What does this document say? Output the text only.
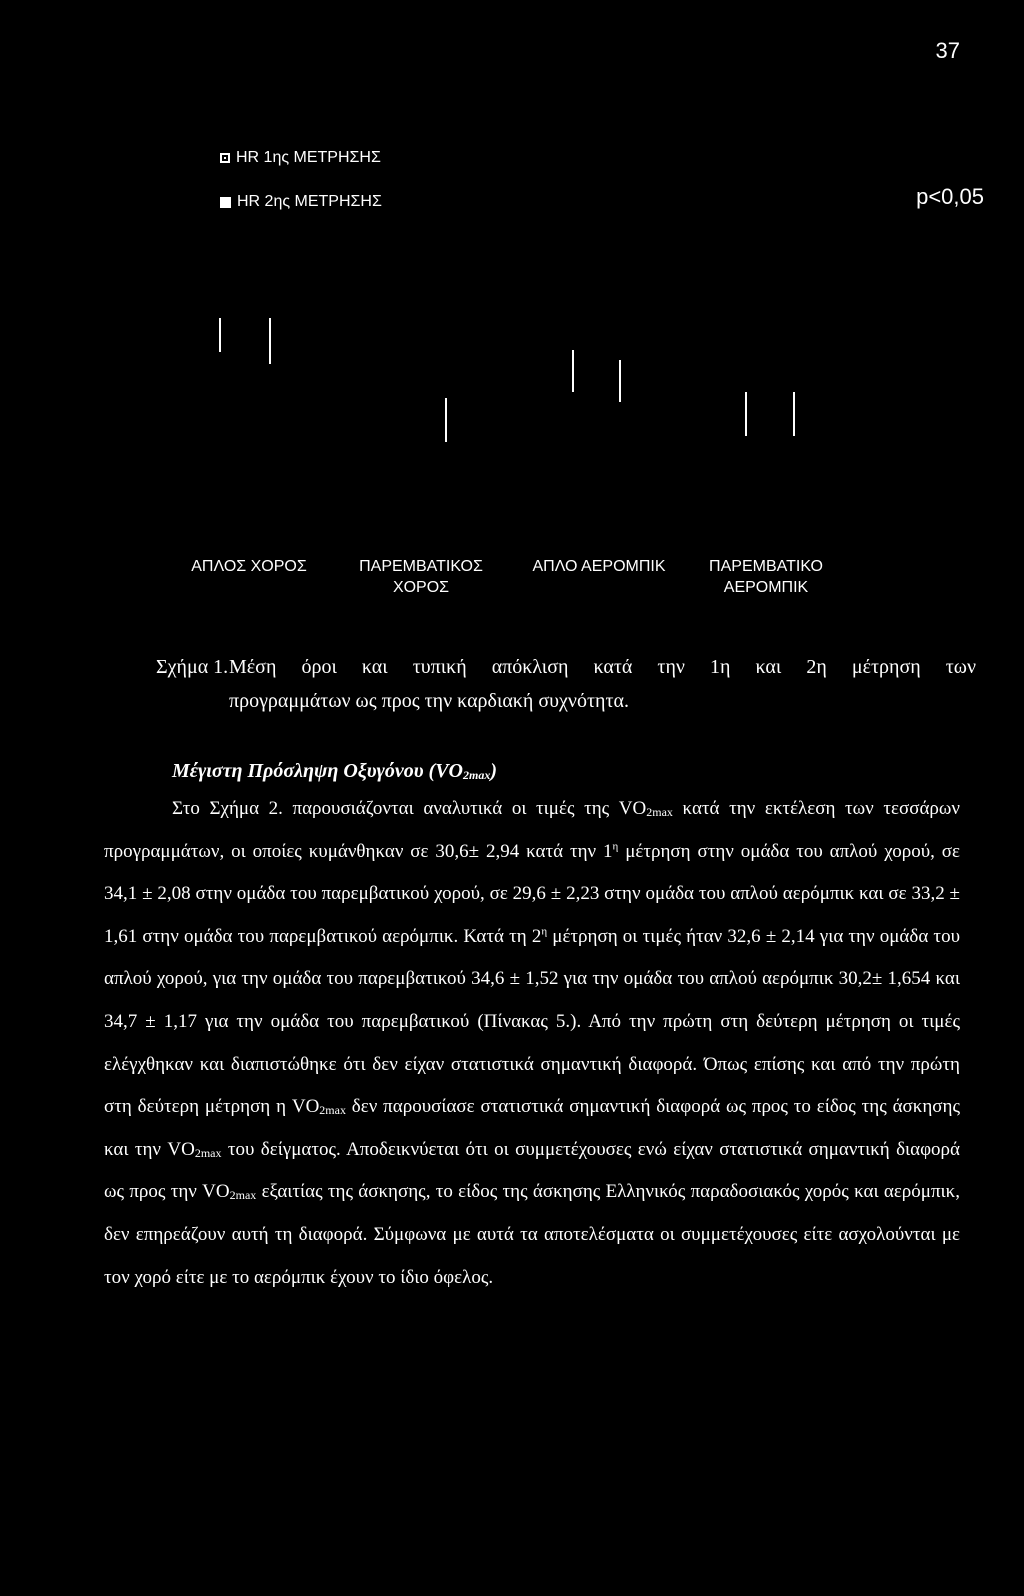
37
HR 1ης ΜΕΤΡΗΣΗΣ
HR 2ης ΜΕΤΡΗΣΗΣ	p<0,05
ΑΠΛΟΣ ΧΟΡΟΣ	ΠΑΡΕΜΒΑΤΙΚΟΣ
ΧΟΡΟΣ
ΑΠΛΟ ΑΕΡΟΜΠΙΚ	ΠΑΡΕΜΒΑΤΙΚΟ
ΑΕΡΟΜΠΙΚ
Σχήμα 1. Μέση όροι και τυπική απόκλιση κατά την 1η και 2η μέτρηση των
προγραμμάτων ως προς την καρδιακή συχνότητα.
Μέγιστη Πρόσληψη Οξυγόνου $(VO_{2max})$

Στο Σχήμα 2. παρουσιάζονται αναλυτικά οι τιμές της $VO_{2max}$ κατά την εκτέλεση των τεσσάρων προγραμμάτων, οι οποίες κυμάνθηκαν σε 30,6± 2,94 κατά την $1^\eta$ μέτρηση στην ομάδα του απλού χορού, σε 34,1 ± 2,08 στην ομάδα του παρεμβατικού χορού, σε 29,6 ± 2,23 στην ομάδα του απλού αερόμπικ και σε 33,2 ± 1,61 στην ομάδα του παρεμβατικού αερόμπικ. Κατά τη $2^\eta$ μέτρηση οι τιμές ήταν 32,6 ± 2,14 για την ομάδα του απλού χορού, για την ομάδα του παρεμβατικού 34,6 ± 1,52 για την ομάδα του απλού αερόμπικ 30,2± 1,654 και 34,7 ± 1,17 για την ομάδα του παρεμβατικού (Πίνακας 5.). Από την πρώτη στη δεύτερη μέτρηση οι τιμές ελέγχθηκαν και διαπιστώθηκε ότι δεν είχαν στατιστικά σημαντική διαφορά. Όπως επίσης και από την πρώτη στη δεύτερη μέτρηση η $VO_{2max}$ δεν παρουσίασε στατιστικά σημαντική διαφορά ως προς το είδος της άσκησης και την $VO_{2max}$ του δείγματος. Αποδεικνύεται ότι οι συμμετέχουσες ενώ είχαν στατιστικά σημαντική διαφορά ως προς την $VO_{2max}$ εξαιτίας της άσκησης, το είδος της άσκησης Ελληνικός παραδοσιακός χορός και αερόμπικ, δεν επηρεάζουν αυτή τη διαφορά. Σύμφωνα με αυτά τα αποτελέσματα οι συμμετέχουσες είτε ασχολούνται με τον χορό είτε με το αερόμπικ έχουν το ίδιο όφελος.
